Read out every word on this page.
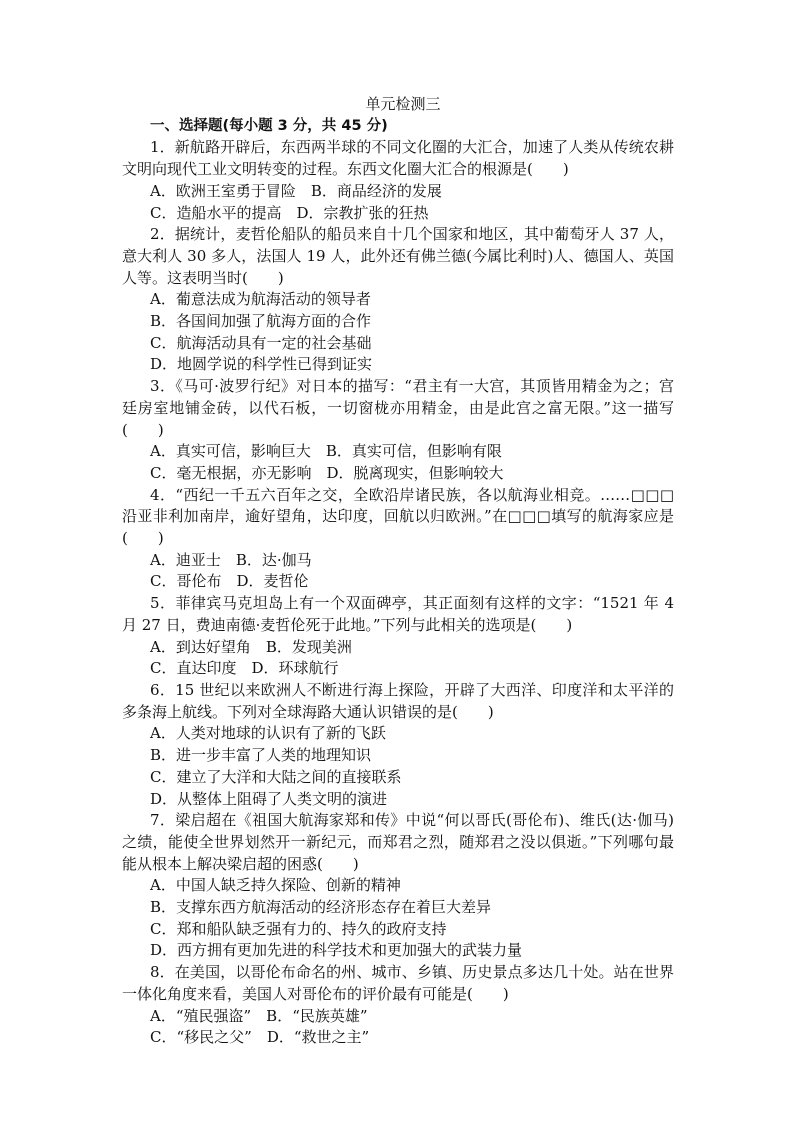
单元检测三

一、选择题(每小题 3 分，共 45 分)

1．新航路开辟后，东西两半球的不同文化圈的大汇合，加速了人类从传统农耕文明向现代工业文明转变的过程。东西文化圈大汇合的根源是(　　)

A．欧洲王室勇于冒险　B．商品经济的发展

C．造船水平的提高　D．宗教扩张的狂热

2．据统计，麦哲伦船队的船员来自十几个国家和地区，其中葡萄牙人 37 人，意大利人 30 多人，法国人 19 人，此外还有佛兰德(今属比利时)人、德国人、英国人等。这表明当时(　　)

A．葡意法成为航海活动的领导者

B．各国间加强了航海方面的合作

C．航海活动具有一定的社会基础

D．地圆学说的科学性已得到证实

3．《马可·波罗行纪》对日本的描写：“君主有一大宫，其顶皆用精金为之；宫廷房室地铺金砖，以代石板，一切窗栊亦用精金，由是此宫之富无限。”这一描写(　　)

A．真实可信，影响巨大　B．真实可信，但影响有限

C．毫无根据，亦无影响　D．脱离现实，但影响较大

4．“西纪一千五六百年之交，全欧沿岸诸民族，各以航海业相竞。……□□□沿亚非利加南岸，逾好望角，达印度，回航以归欧洲。”在□□□填写的航海家应是(　　)

A．迪亚士　B．达·伽马

C．哥伦布　D．麦哲伦

5．菲律宾马克坦岛上有一个双面碑亭，其正面刻有这样的文字：“1521 年 4 月 27 日，费迪南德·麦哲伦死于此地。”下列与此相关的选项是(　　)

A．到达好望角　B．发现美洲

C．直达印度　D．环球航行

6．15 世纪以来欧洲人不断进行海上探险，开辟了大西洋、印度洋和太平洋的多条海上航线。下列对全球海路大通认识错误的是(　　)

A．人类对地球的认识有了新的飞跃

B．进一步丰富了人类的地理知识

C．建立了大洋和大陆之间的直接联系

D．从整体上阻碍了人类文明的演进

7．梁启超在《祖国大航海家郑和传》中说“何以哥氏(哥伦布)、维氏(达·伽马)之绩，能使全世界划然开一新纪元，而郑君之烈，随郑君之没以俱逝。”下列哪句最能从根本上解决梁启超的困惑(　　)

A．中国人缺乏持久探险、创新的精神

B．支撑东西方航海活动的经济形态存在着巨大差异

C．郑和船队缺乏强有力的、持久的政府支持

D．西方拥有更加先进的科学技术和更加强大的武装力量

8．在美国，以哥伦布命名的州、城市、乡镇、历史景点多达几十处。站在世界一体化角度来看，美国人对哥伦布的评价最有可能是(　　)

A．“殖民强盗”　B．“民族英雄”

C．“移民之父”　D．“救世之主”
